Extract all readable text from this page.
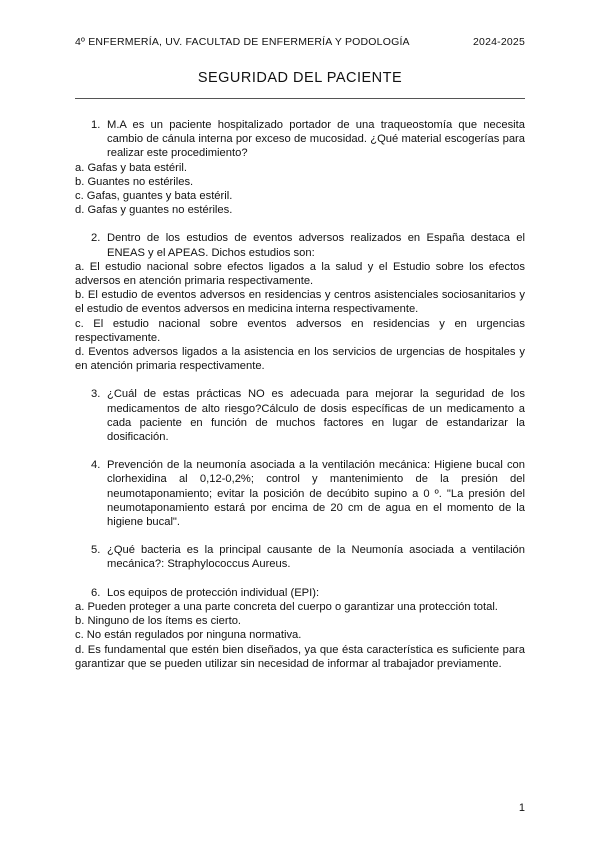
4º ENFERMERÍA, UV. FACULTAD DE ENFERMERÍA Y PODOLOGÍA	2024-2025
SEGURIDAD DEL PACIENTE
1. M.A es un paciente hospitalizado portador de una traqueostomía que necesita cambio de cánula interna por exceso de mucosidad. ¿Qué material escogerías para realizar este procedimiento?

a. Gafas y bata estéril.

b. Guantes no estériles.

c. Gafas, guantes y bata estéril.

d. Gafas y guantes no estériles.

2. Dentro de los estudios de eventos adversos realizados en España destaca el ENEAS y el APEAS. Dichos estudios son:

a. El estudio nacional sobre efectos ligados a la salud y el Estudio sobre los efectos adversos en atención primaria respectivamente.

b. El estudio de eventos adversos en residencias y centros asistenciales sociosanitarios y el estudio de eventos adversos en medicina interna respectivamente.

c. El estudio nacional sobre eventos adversos en residencias y en urgencias respectivamente.

d. Eventos adversos ligados a la asistencia en los servicios de urgencias de hospitales y en atención primaria respectivamente.

3. ¿Cuál de estas prácticas NO es adecuada para mejorar la seguridad de los medicamentos de alto riesgo?Cálculo de dosis específicas de un medicamento a cada paciente en función de muchos factores en lugar de estandarizar la dosificación.
4. Prevención de la neumonía asociada a la ventilación mecánica: Higiene bucal con clorhexidina al 0,12-0,2%; control y mantenimiento de la presión del neumotaponamiento; evitar la posición de decúbito supino a 0 º. "La presión del neumotaponamiento estará por encima de 20 cm de agua en el momento de la higiene bucal".
5. ¿Qué bacteria es la principal causante de la Neumonía asociada a ventilación mecánica?: Straphylococcus Aureus.
6. Los equipos de protección individual (EPI):

a. Pueden proteger a una parte concreta del cuerpo o garantizar una protección total.

b. Ninguno de los ítems es cierto.

c. No están regulados por ninguna normativa.

d. Es fundamental que estén bien diseñados, ya que ésta característica es suficiente para garantizar que se pueden utilizar sin necesidad de informar al trabajador previamente.

1
